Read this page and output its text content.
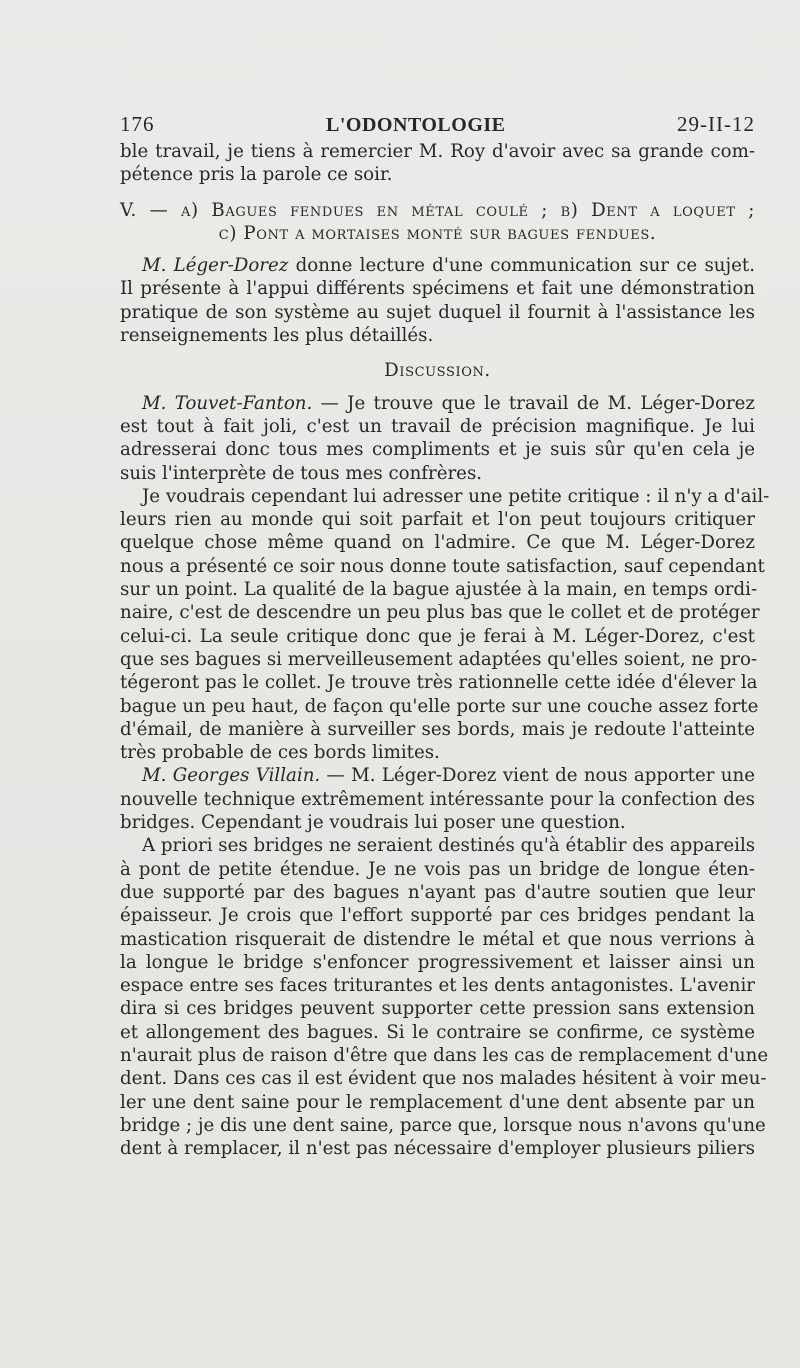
176	L'ODONTOLOGIE	29-II-12
ble travail, je tiens à remercier M. Roy d'avoir avec sa grande com-
pétence pris la parole ce soir.
V. — a) Bagues fendues en métal coulé ; b) Dent a loquet ;
c) Pont a mortaises monté sur bagues fendues.
M. Léger-Dorez donne lecture d'une communication sur ce sujet.
Il présente à l'appui différents spécimens et fait une démonstration
pratique de son système au sujet duquel il fournit à l'assistance les
renseignements les plus détaillés.
Discussion.
M. Touvet-Fanton. — Je trouve que le travail de M. Léger-Dorez
est tout à fait joli, c'est un travail de précision magnifique. Je lui
adresserai donc tous mes compliments et je suis sûr qu'en cela je
suis l'interprète de tous mes confrères.
Je voudrais cependant lui adresser une petite critique : il n'y a d'ail-
leurs rien au monde qui soit parfait et l'on peut toujours critiquer
quelque chose même quand on l'admire. Ce que M. Léger-Dorez
nous a présenté ce soir nous donne toute satisfaction, sauf cependant
sur un point. La qualité de la bague ajustée à la main, en temps ordi-
naire, c'est de descendre un peu plus bas que le collet et de protéger
celui-ci. La seule critique donc que je ferai à M. Léger-Dorez, c'est
que ses bagues si merveilleusement adaptées qu'elles soient, ne pro-
tégeront pas le collet. Je trouve très rationnelle cette idée d'élever la
bague un peu haut, de façon qu'elle porte sur une couche assez forte
d'émail, de manière à surveiller ses bords, mais je redoute l'atteinte
très probable de ces bords limites.
M. Georges Villain. — M. Léger-Dorez vient de nous apporter une
nouvelle technique extrêmement intéressante pour la confection des
bridges. Cependant je voudrais lui poser une question.
A priori ses bridges ne seraient destinés qu'à établir des appareils
à pont de petite étendue. Je ne vois pas un bridge de longue éten-
due supporté par des bagues n'ayant pas d'autre soutien que leur
épaisseur. Je crois que l'effort supporté par ces bridges pendant la
mastication risquerait de distendre le métal et que nous verrions à
la longue le bridge s'enfoncer progressivement et laisser ainsi un
espace entre ses faces triturantes et les dents antagonistes. L'avenir
dira si ces bridges peuvent supporter cette pression sans extension
et allongement des bagues. Si le contraire se confirme, ce système
n'aurait plus de raison d'être que dans les cas de remplacement d'une
dent. Dans ces cas il est évident que nos malades hésitent à voir meu-
ler une dent saine pour le remplacement d'une dent absente par un
bridge ; je dis une dent saine, parce que, lorsque nous n'avons qu'une
dent à remplacer, il n'est pas nécessaire d'employer plusieurs piliers
